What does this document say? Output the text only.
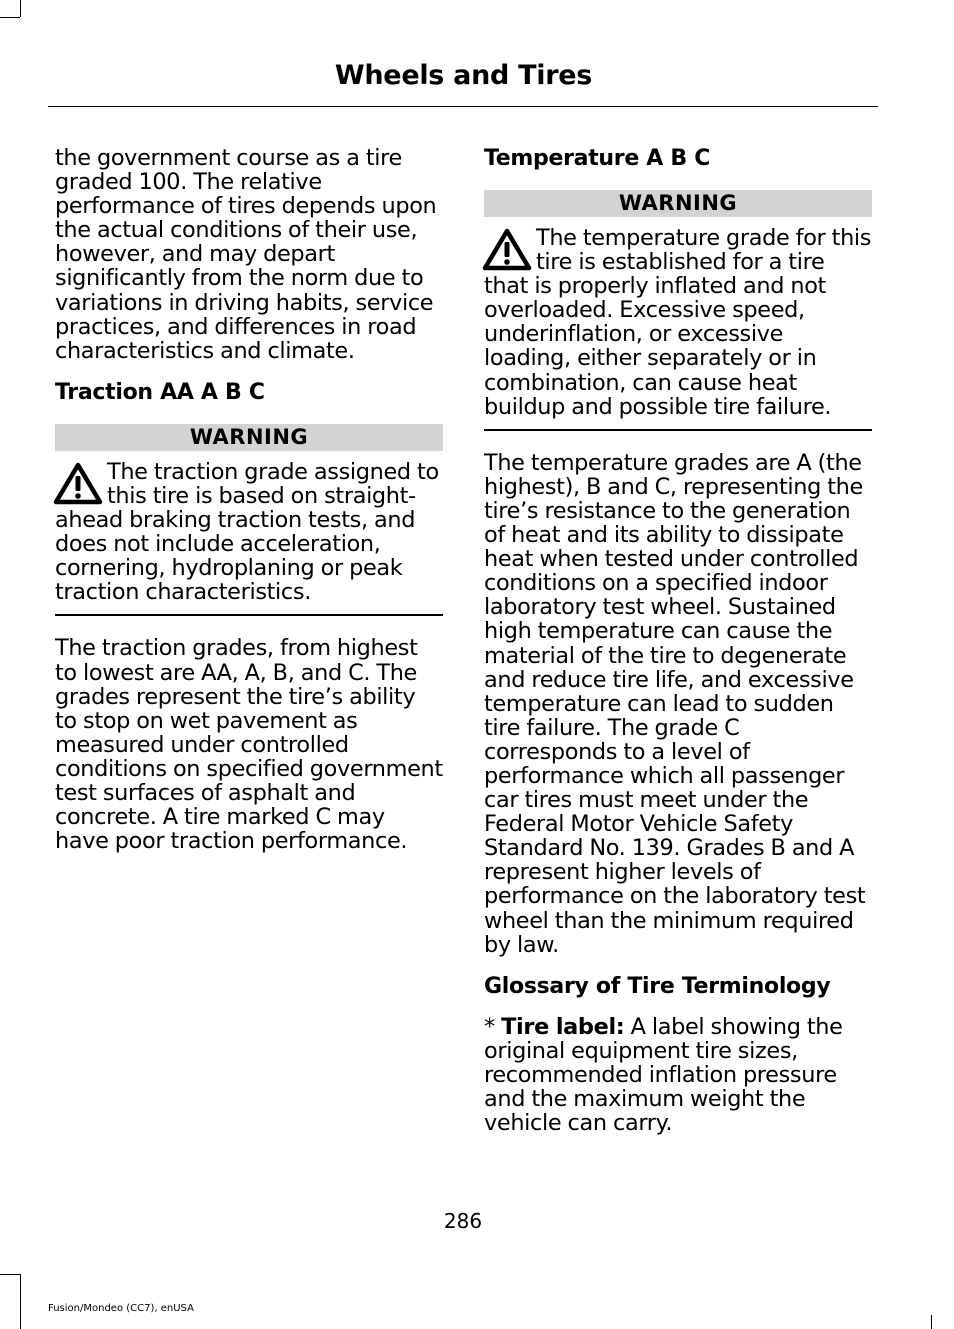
Wheels and Tires

the government course as a tire graded 100. The relative performance of tires depends upon the actual conditions of their use, however, and may depart significantly from the norm due to variations in driving habits, service practices, and differences in road characteristics and climate.

Traction AA A B C
WARNING

The traction grade assigned to this tire is based on straight-ahead braking traction tests, and does not include acceleration, cornering, hydroplaning or peak traction characteristics.

The traction grades, from highest to lowest are AA, A, B, and C. The grades represent the tire’s ability to stop on wet pavement as measured under controlled conditions on specified government test surfaces of asphalt and concrete. A tire marked C may have poor traction performance.

Temperature A B C
WARNING

The temperature grade for this tire is established for a tire that is properly inflated and not overloaded. Excessive speed, underinflation, or excessive loading, either separately or in combination, can cause heat buildup and possible tire failure.

The temperature grades are A (the highest), B and C, representing the tire’s resistance to the generation of heat and its ability to dissipate heat when tested under controlled conditions on a specified indoor laboratory test wheel. Sustained high temperature can cause the material of the tire to degenerate and reduce tire life, and excessive temperature can lead to sudden tire failure. The grade C corresponds to a level of performance which all passenger car tires must meet under the Federal Motor Vehicle Safety Standard No. 139. Grades B and A represent higher levels of performance on the laboratory test wheel than the minimum required by law.

Glossary of Tire Terminology

* Tire label: A label showing the original equipment tire sizes, recommended inflation pressure and the maximum weight the vehicle can carry.

286
Fusion/Mondeo (CC7), enUSA
